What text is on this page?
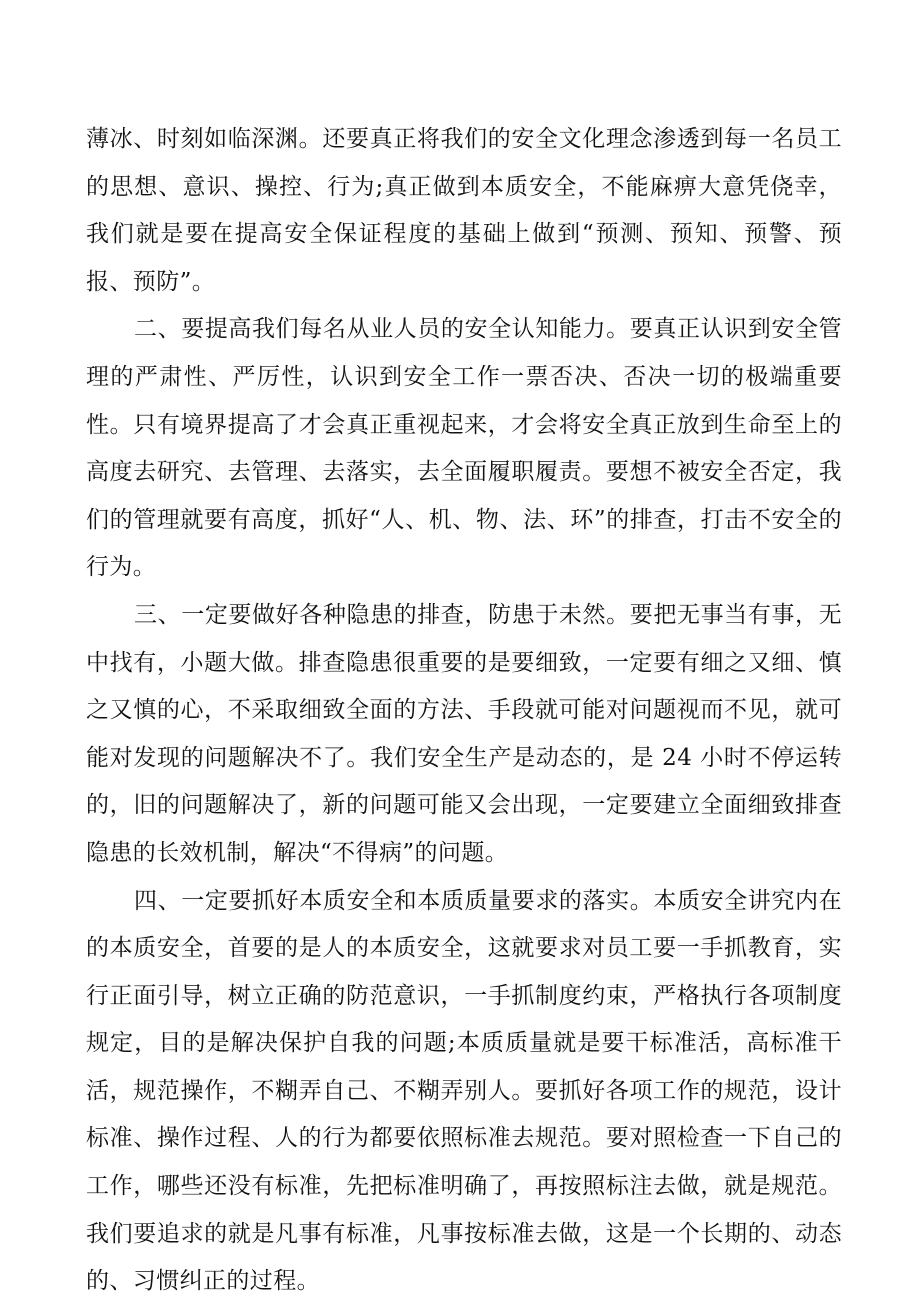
薄冰、时刻如临深渊。还要真正将我们的安全文化理念渗透到每一名员工的思想、意识、操控、行为;真正做到本质安全，不能麻痹大意凭侥幸，我们就是要在提高安全保证程度的基础上做到“预测、预知、预警、预报、预防”。

二、要提高我们每名从业人员的安全认知能力。要真正认识到安全管理的严肃性、严厉性，认识到安全工作一票否决、否决一切的极端重要性。只有境界提高了才会真正重视起来，才会将安全真正放到生命至上的高度去研究、去管理、去落实，去全面履职履责。要想不被安全否定，我们的管理就要有高度，抓好“人、机、物、法、环”的排查，打击不安全的行为。

三、一定要做好各种隐患的排查，防患于未然。要把无事当有事，无中找有，小题大做。排查隐患很重要的是要细致，一定要有细之又细、慎之又慎的心，不采取细致全面的方法、手段就可能对问题视而不见，就可能对发现的问题解决不了。我们安全生产是动态的，是 24 小时不停运转的，旧的问题解决了，新的问题可能又会出现，一定要建立全面细致排查隐患的长效机制，解决“不得病”的问题。

四、一定要抓好本质安全和本质质量要求的落实。本质安全讲究内在的本质安全，首要的是人的本质安全，这就要求对员工要一手抓教育，实行正面引导，树立正确的防范意识，一手抓制度约束，严格执行各项制度规定，目的是解决保护自我的问题;本质质量就是要干标准活，高标准干活，规范操作，不糊弄自己、不糊弄别人。要抓好各项工作的规范，设计标准、操作过程、人的行为都要依照标准去规范。要对照检查一下自己的工作，哪些还没有标准，先把标准明确了，再按照标注去做，就是规范。我们要追求的就是凡事有标准，凡事按标准去做，这是一个长期的、动态的、习惯纠正的过程。
